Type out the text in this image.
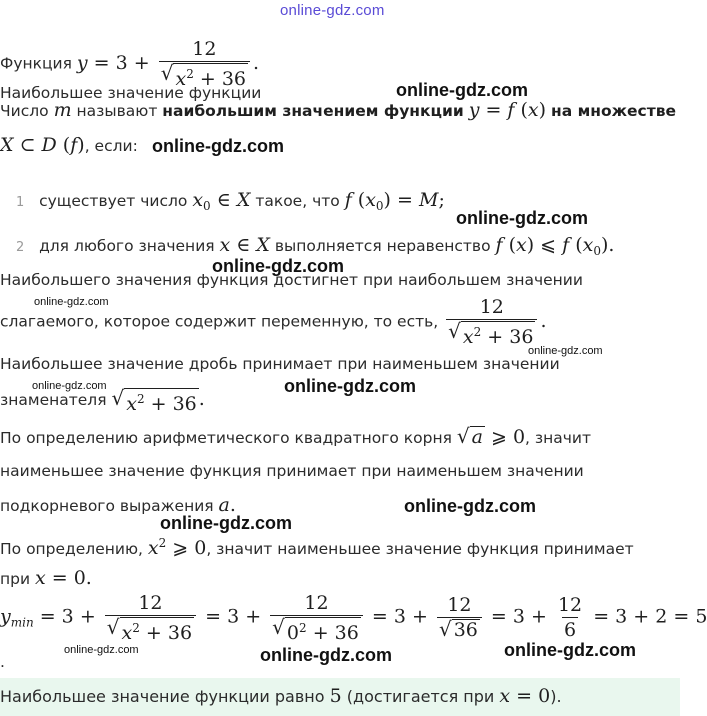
online-gdz.com
Функция $y = 3 + \frac{12}{√ x^2 + 36}$ .
Наибольшее значение функции
Число m называют наибольшим значением функции y = f (x) на множестве
X ⊂ D (f), если:
1 существует число $x_0$ ∈ X такое, что f $(x_0) = M$;
2 для любого значения x ∈ X выполняется неравенство f (x) ⩽ f $(x_0)$.
Наибольшего значения функция достигнет при наибольшем значении
слагаемого, которое содержит переменную, то есть, $\frac{12}{√ x^2 + 36}$ .
Наибольшее значение дробь принимает при наименьшем значении
знаменателя √ $x^2 + 36$ .
По определению арифметического квадратного корня √ a ⩾ 0, значит
наименьшее значение функция принимает при наименьшем значении
подкорневого выражения a.
По определению, $x^2$ ⩾ 0, значит наименьшее значение функция принимает
при x = 0.
$y_{min} = 3 + \frac{12}{√ x^2 + 36} = 3 + \frac{12}{√ 0^2 + 36} = 3 + \frac{12}{√ 36} = 3 + \frac{12}{6} = 3 + 2 = 5$
.
Наибольшее значение функции равно 5 (достигается при x = 0).
online-gdz.com
online-gdz.com
online-gdz.com
online-gdz.com
online-gdz.com
online-gdz.com
online-gdz.com	online-gdz.com
online-gdz.com
online-gdz.com
online-gdz.com	online-gdz.com	online-gdz.com
